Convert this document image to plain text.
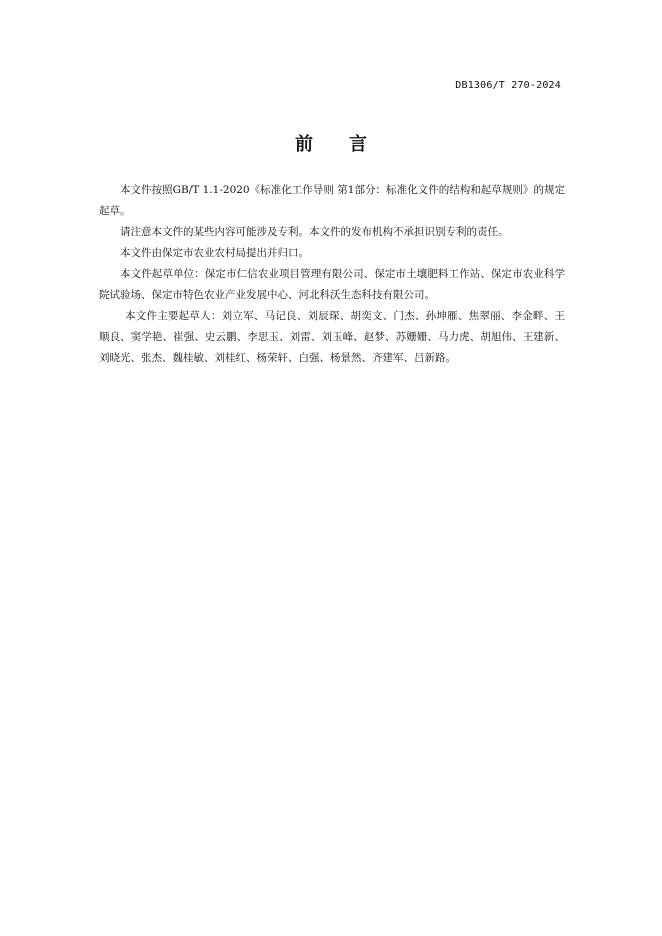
DB1306/T 270-2024
前言

本文件按照GB/T 1.1-2020《标准化工作导则 第1部分：标准化文件的结构和起草规则》的规定起草。

请注意本文件的某些内容可能涉及专利。本文件的发布机构不承担识别专利的责任。

本文件由保定市农业农村局提出并归口。

本文件起草单位：保定市仁信农业项目管理有限公司、保定市土壤肥料工作站、保定市农业科学院试验场、保定市特色农业产业发展中心、河北科沃生态科技有限公司。

本文件主要起草人：刘立军、马记良、刘辰琛、胡奕文、门杰、孙坤雁、焦翠丽、李金畔、王顺良、窦学艳、崔强、史云鹏、李思玉、刘雷、刘玉峰、赵梦、苏姗姗、马力虎、胡旭伟、王建新、刘晓光、张杰、魏桂敏、刘桂红、杨荣轩、白强、杨景然、齐建军、吕新路。
